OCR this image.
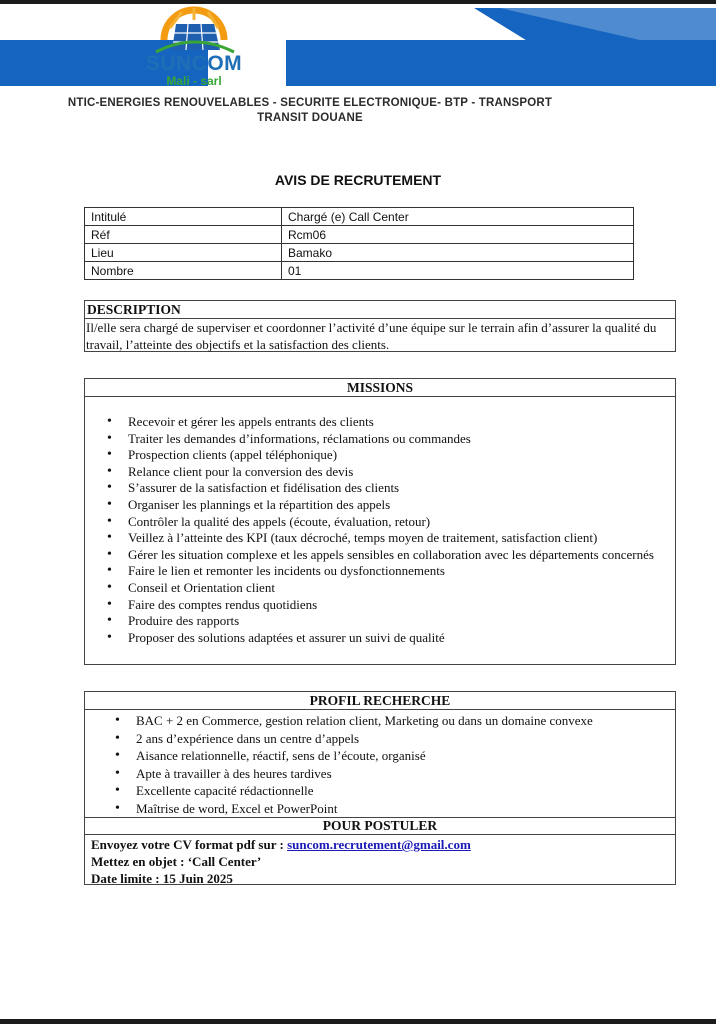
SUNCOM
Mali - sarl
NTIC-ENERGIES RENOUVELABLES - SECURITE ELECTRONIQUE- BTP - TRANSPORT
TRANSIT DOUANE
AVIS DE RECRUTEMENT
Intitulé	Chargé (e) Call Center
Réf	Rcm06
Lieu	Bamako
Nombre	01
DESCRIPTION
Il/elle sera chargé de superviser et coordonner l’activité d’une équipe sur le terrain afin d’assurer la qualité du travail, l’atteinte des objectifs et la satisfaction des clients.
MISSIONS
• Recevoir et gérer les appels entrants des clients
• Traiter les demandes d’informations, réclamations ou commandes
• Prospection clients (appel téléphonique)
• Relance client pour la conversion des devis
• S’assurer de la satisfaction et fidélisation des clients
• Organiser les plannings et la répartition des appels
• Contrôler la qualité des appels (écoute, évaluation, retour)
• Veillez à l’atteinte des KPI (taux décroché, temps moyen de traitement, satisfaction client)
• Gérer les situation complexe et les appels sensibles en collaboration avec les départements concernés
• Faire le lien et remonter les incidents ou dysfonctionnements
• Conseil et Orientation client
• Faire des comptes rendus quotidiens
• Produire des rapports
• Proposer des solutions adaptées et assurer un suivi de qualité
PROFIL RECHERCHE
• BAC + 2 en Commerce, gestion relation client, Marketing ou dans un domaine convexe
• 2 ans d’expérience dans un centre d’appels
• Aisance relationnelle, réactif, sens de l’écoute, organisé
• Apte à travailler à des heures tardives
• Excellente capacité rédactionnelle
• Maîtrise de word, Excel et PowerPoint
POUR POSTULER
Envoyez votre CV format pdf sur : suncom.recrutement@gmail.com
Mettez en objet : ‘Call Center’
Date limite : 15 Juin 2025
